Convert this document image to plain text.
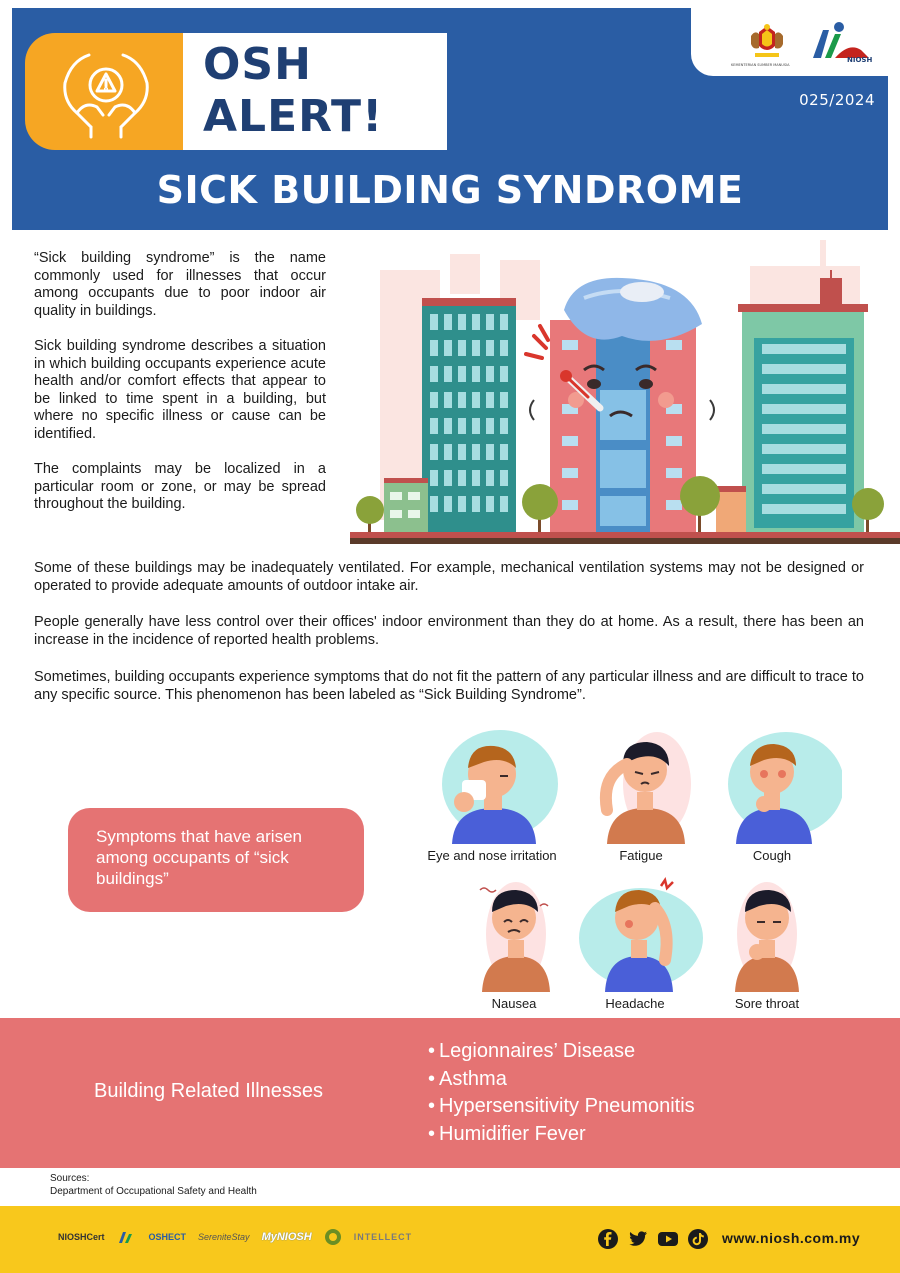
KEMENTERIAN SUMBER MANUSIA
NIOSH
025/2024
OSH
ALERT!
SICK BUILDING SYNDROME

“Sick building syndrome” is the name commonly used for illnesses that occur among occupants due to poor indoor air quality in buildings.

Sick building syndrome describes a situation in which building occupants experience acute health and/or comfort effects that appear to be linked to time spent in a building, but where no specific illness or cause can be identified.

The complaints may be localized in a particular room or zone, or may be spread throughout the building.

Some of these buildings may be inadequately ventilated. For example, mechanical ventilation systems may not be designed or operated to provide adequate amounts of outdoor intake air.

People generally have less control over their offices' indoor environment than they do at home. As a result, there has been an increase in the incidence of reported health problems.

Sometimes, building occupants experience symptoms that do not fit the pattern of any particular illness and are difficult to trace to any specific source. This phenomenon has been labeled as “Sick Building Syndrome”.

Symptoms that have arisen among occupants of “sick buildings”
Eye and nose irritation	Fatigue	Cough
Nausea	Headache	Sore throat
Building Related Illnesses
• Legionnaires’ Disease
• Asthma
• Hypersensitivity Pneumonitis
• Humidifier Fever
Sources:
Department of Occupational Safety and Health
NIOSHCert	OSHECT SereniteStay MyNIOSH	INTELLECT	www.niosh.com.my
